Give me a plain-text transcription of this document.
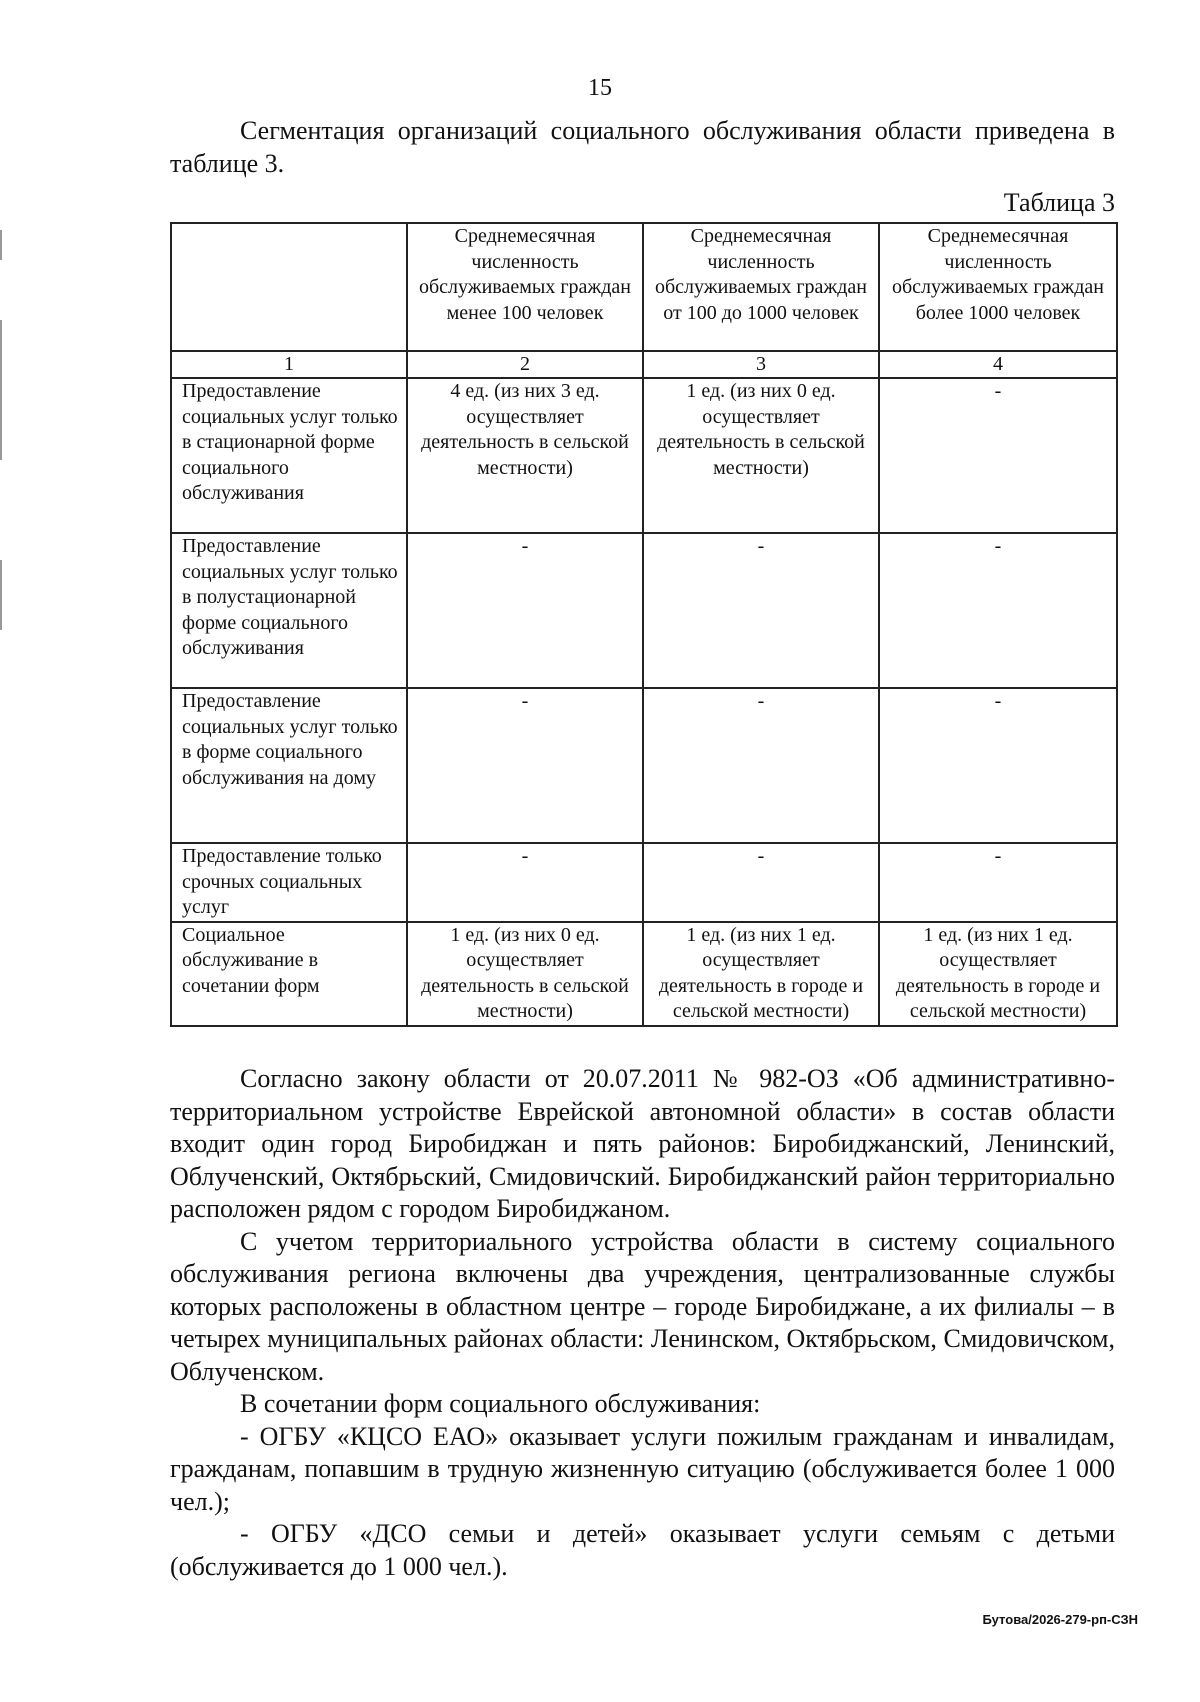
15

Сегментация организаций социального обслуживания области приведена в таблице 3.

Таблица 3
	Среднемесячная численность обслуживаемых граждан менее 100 человек	Среднемесячная численность обслуживаемых граждан от 100 до 1000 человек	Среднемесячная численность обслуживаемых граждан более 1000 человек
1	2	3	4
Предоставление социальных услуг только в стационарной форме социального обслуживания	4 ед. (из них 3 ед. осуществляет деятельность в сельской местности)	1 ед. (из них 0 ед. осуществляет деятельность в сельской местности)	-
Предоставление социальных услуг только в полустационарной форме социального обслуживания	-	-	-
Предоставление социальных услуг только в форме социального обслуживания на дому	-	-	-
Предоставление только срочных социальных услуг	-	-	-
Социальное обслуживание в сочетании форм	1 ед. (из них 0 ед. осуществляет деятельность в сельской местности)	1 ед. (из них 1 ед. осуществляет деятельность в городе и сельской местности)	1 ед. (из них 1 ед. осуществляет деятельность в городе и сельской местности)

Согласно закону области от 20.07.2011 № 982-ОЗ «Об административно-территориальном устройстве Еврейской автономной области» в состав области входит один город Биробиджан и пять районов: Биробиджанский, Ленинский, Облученский, Октябрьский, Смидовичский. Биробиджанский район территориально расположен рядом с городом Биробиджаном.

С учетом территориального устройства области в систему социального обслуживания региона включены два учреждения, централизованные службы которых расположены в областном центре – городе Биробиджане, а их филиалы – в четырех муниципальных районах области: Ленинском, Октябрьском, Смидовичском, Облученском.

В сочетании форм социального обслуживания:

- ОГБУ «КЦСО ЕАО» оказывает услуги пожилым гражданам и инвалидам, гражданам, попавшим в трудную жизненную ситуацию (обслуживается более 1 000 чел.);

- ОГБУ «ДСО семьи и детей» оказывает услуги семьям с детьми (обслуживается до 1 000 чел.).

Бутова/2026-279-рп-СЗН
